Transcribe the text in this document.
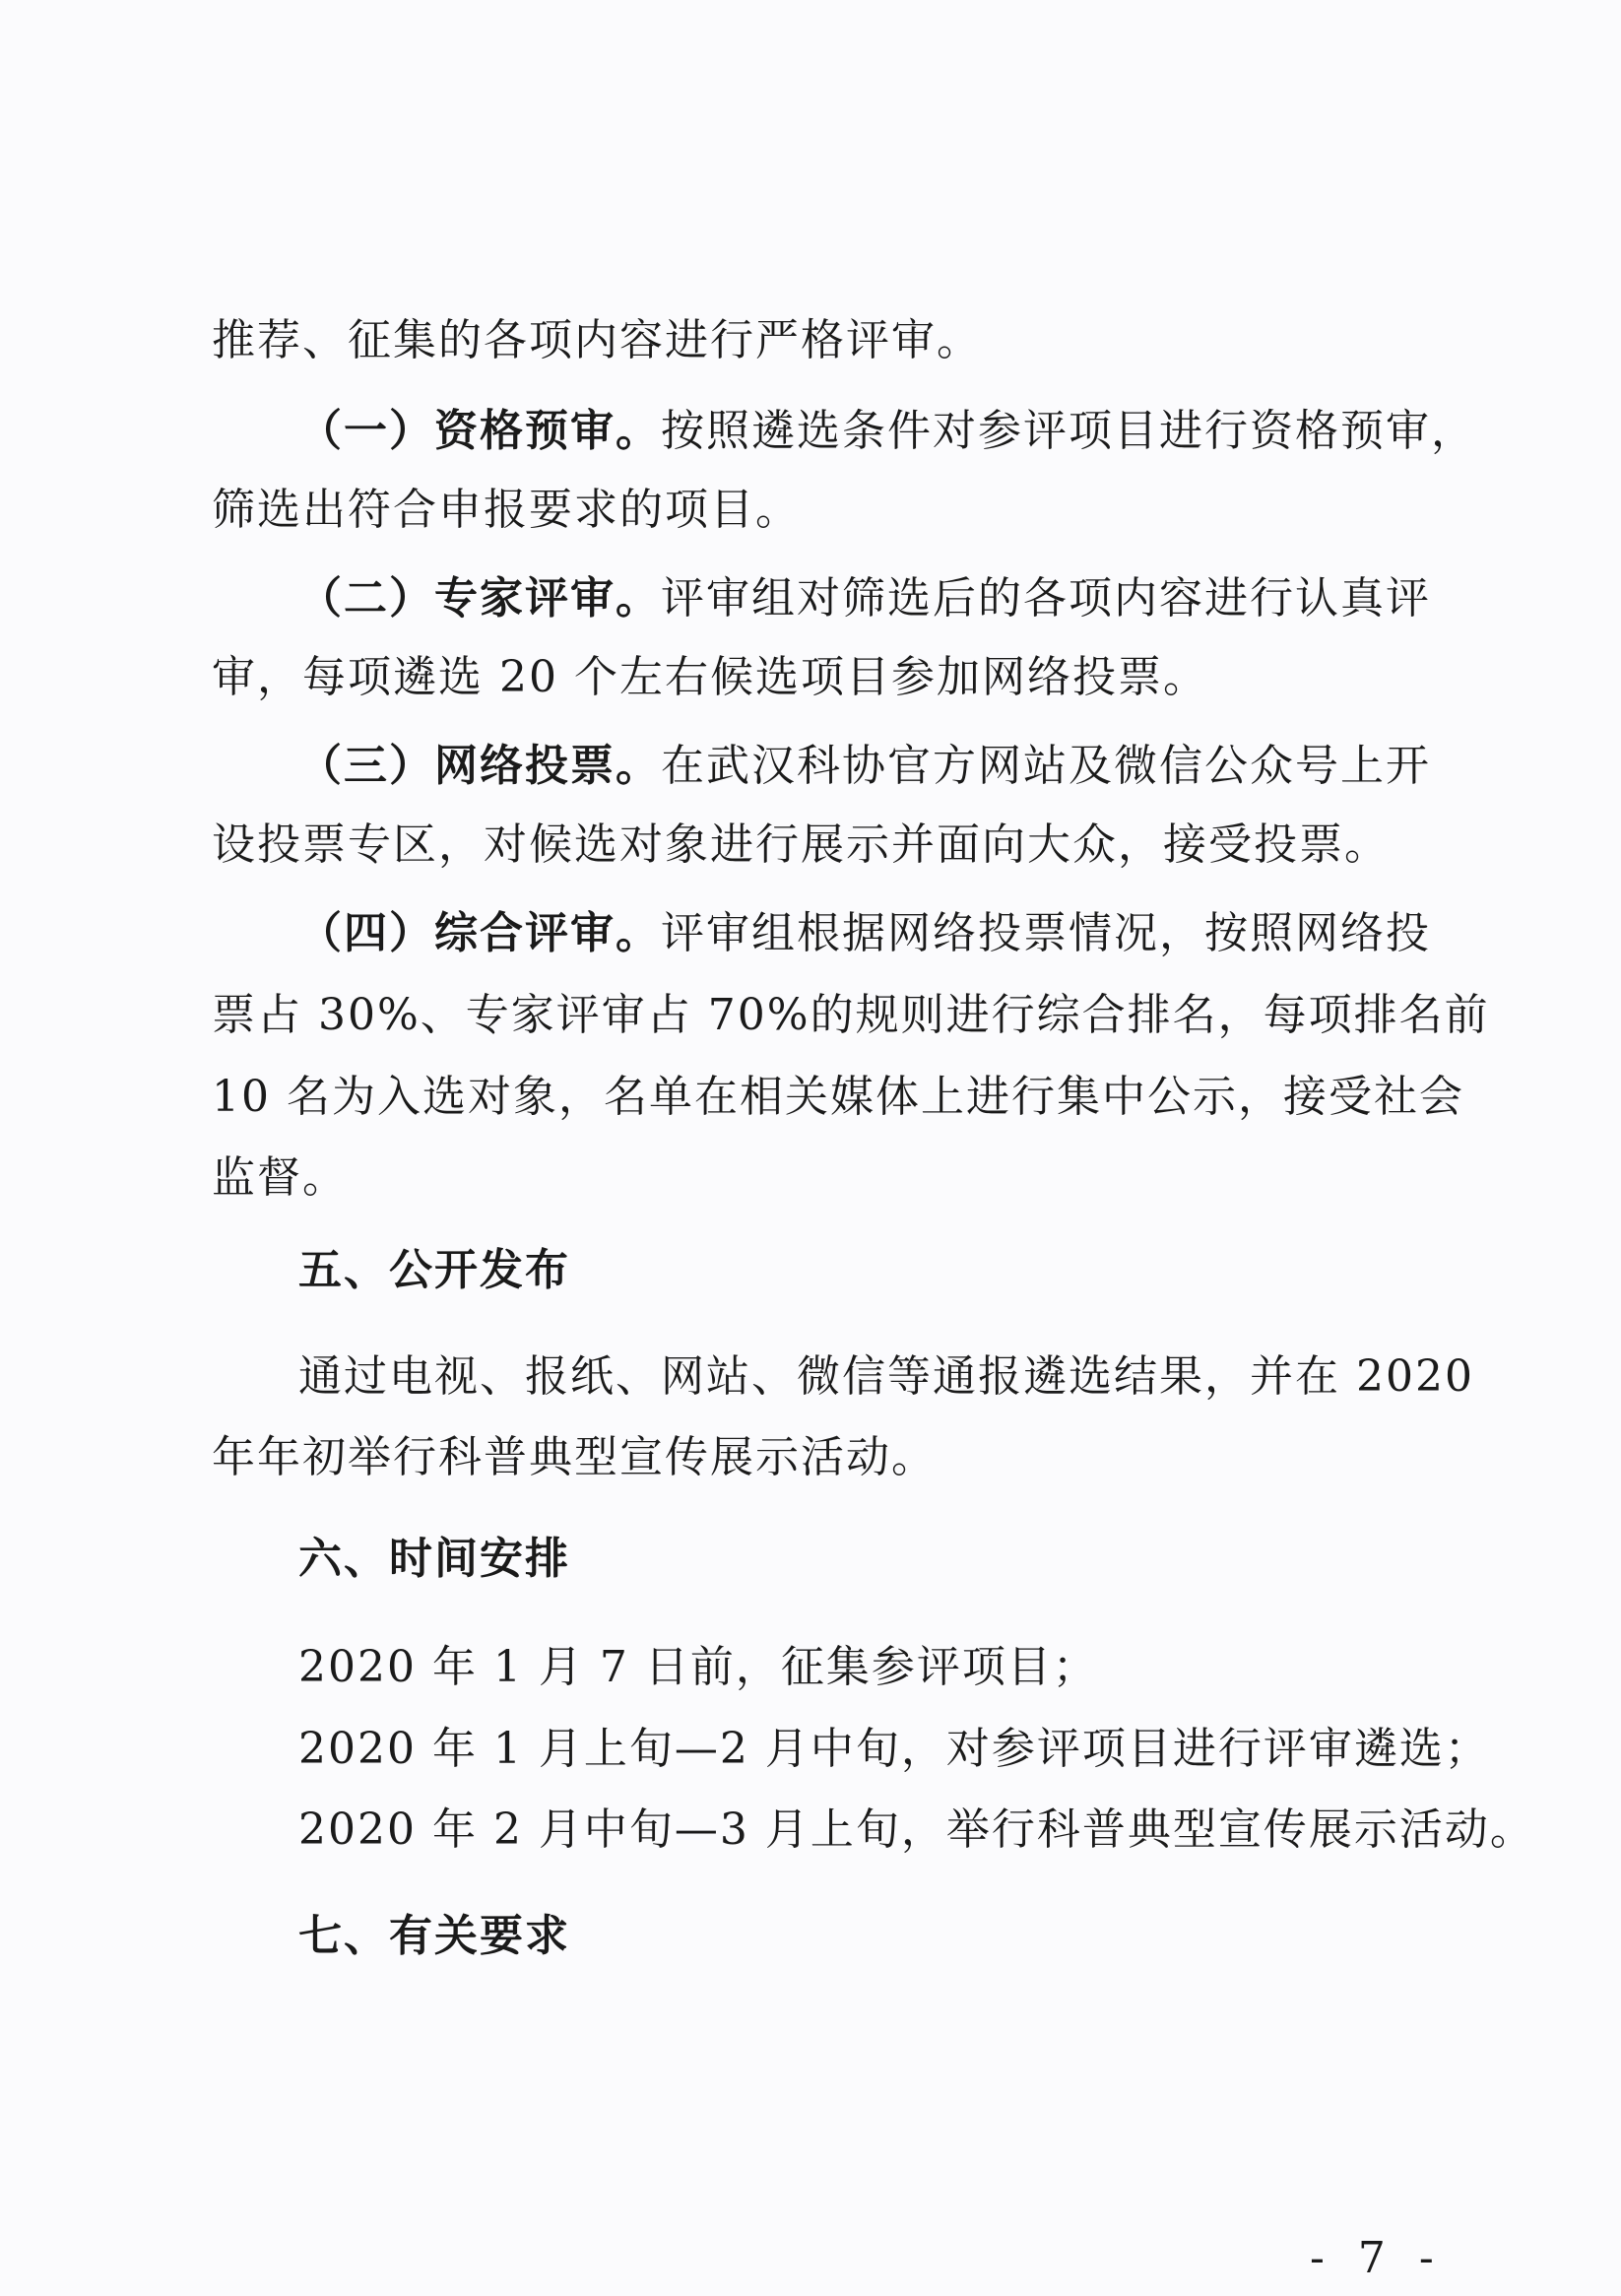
推荐、征集的各项内容进行严格评审。
（一）资格预审。按照遴选条件对参评项目进行资格预审，
筛选出符合申报要求的项目。
（二）专家评审。评审组对筛选后的各项内容进行认真评
审，每项遴选 20 个左右候选项目参加网络投票。
（三）网络投票。在武汉科协官方网站及微信公众号上开
设投票专区，对候选对象进行展示并面向大众，接受投票。
（四）综合评审。评审组根据网络投票情况，按照网络投
票占 30%、专家评审占 70%的规则进行综合排名，每项排名前
10 名为入选对象，名单在相关媒体上进行集中公示，接受社会
监督。
五、公开发布
通过电视、报纸、网站、微信等通报遴选结果，并在 2020
年年初举行科普典型宣传展示活动。
六、时间安排
2020 年 1 月 7 日前，征集参评项目；
2020 年 1 月上旬—2 月中旬，对参评项目进行评审遴选；
2020 年 2 月中旬—3 月上旬，举行科普典型宣传展示活动。
七、有关要求
- 7 -
